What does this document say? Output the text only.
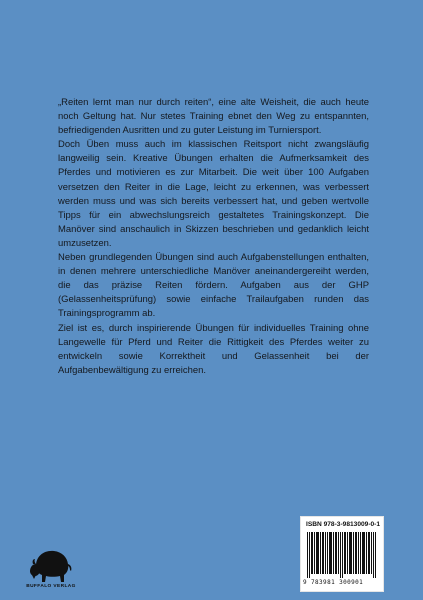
„Reiten lernt man nur durch reiten“, eine alte Weisheit, die auch heute noch Geltung hat. Nur stetes Training ebnet den Weg zu entspannten, befriedigenden Ausritten und zu guter Leistung im Turniersport.

Doch Üben muss auch im klassischen Reitsport nicht zwangsläufig langweilig sein. Kreative Übungen erhalten die Aufmerksamkeit des Pferdes und motivieren es zur Mitarbeit. Die weit über 100 Aufgaben versetzen den Reiter in die Lage, leicht zu erkennen, was verbessert werden muss und was sich bereits verbessert hat, und geben wertvolle Tipps für ein abwechslungsreich gestaltetes Trainingskonzept. Die Manöver sind anschaulich in Skizzen beschrieben und gedanklich leicht umzusetzen.

Neben grundlegenden Übungen sind auch Aufgabenstellungen enthalten, in denen mehrere unterschiedliche Manöver aneinandergereiht werden, die das präzise Reiten fördern. Aufgaben aus der GHP (Gelassenheitsprüfung) sowie einfache Trailaufgaben runden das Trainingsprogramm ab.

Ziel ist es, durch inspirierende Übungen für individuelles Training ohne Langewelle für Pferd und Reiter die Rittigkeit des Pferdes weiter zu entwickeln sowie Korrektheit und Gelassenheit bei der Aufgabenbewältigung zu erreichen.

ISBN 978-3-9813009-0-1
9 783981 300901
BUFFALO VERLAG
